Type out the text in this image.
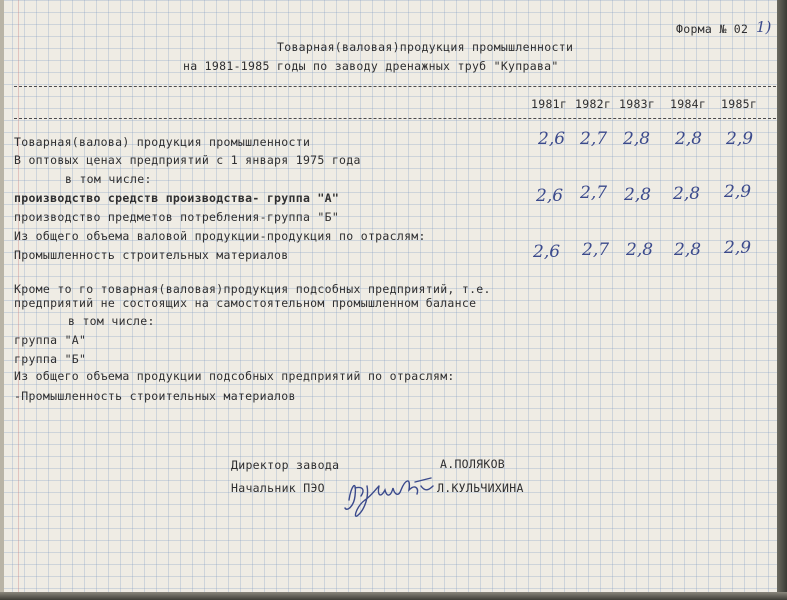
Форма № 02 1)
Товарная(валовая)продукция промышленности
на 1981-1985 годы по заводу дренажных труб "Куправа"
1981г 1982г 1983г 1984г 1985г
Товарная(валова) продукция промышленности
В оптовых ценах предприятий с 1 января 1975 года
в том числе:
производство средств производства- группа "А"
производство предметов потребления-группа "Б"
Из общего объема валовой продукции-продукция по отраслям:
Промышленность строительных материалов
2,6 2,7 2,8 2,8 2,9
2,6 2,7 2,8 2,8 2,9
2,6 2,7 2,8 2,8 2,9
Кроме то го товарная(валовая)продукция подсобных предприятий, т.е.
предприятий не состоящих на самостоятельном промышленном балансе
в том числе:
группа "А"
группа "Б"
Из общего объема продукции подсобных предприятий по отраслям:
-Промышленность строительных материалов
Директор завода	А.ПОЛЯКОВ
Начальник ПЭО	Л.КУЛЬЧИХИНА
